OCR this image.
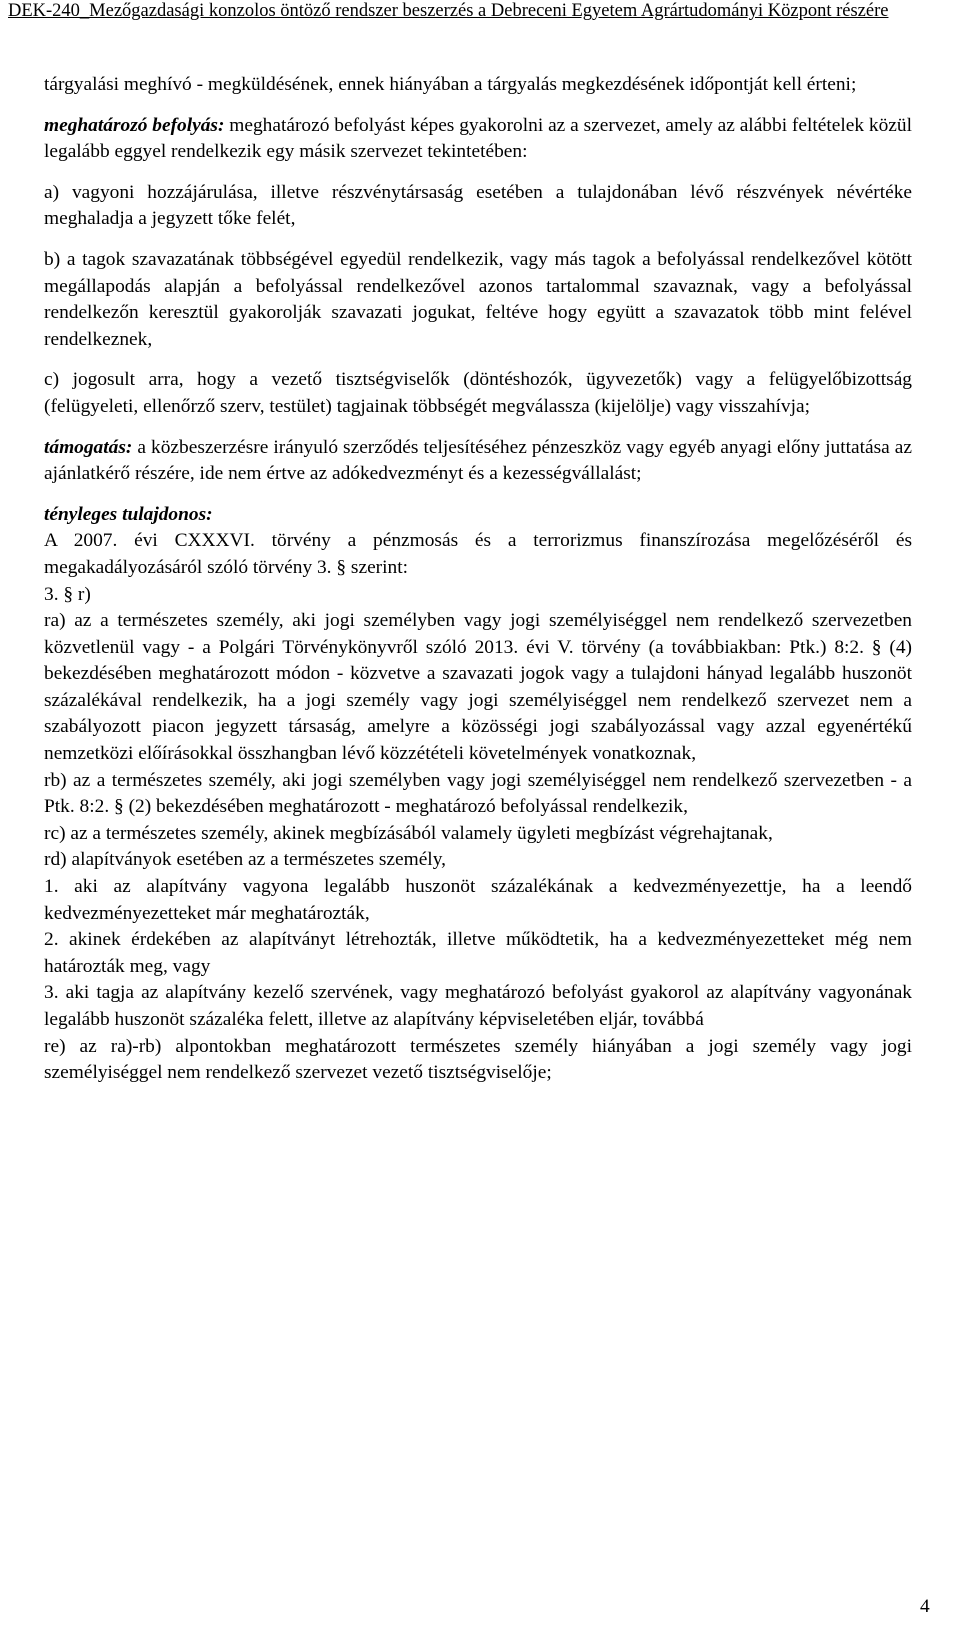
DEK-240_Mezőgazdasági konzolos öntöző rendszer beszerzés a Debreceni Egyetem Agrártudományi Központ részére

tárgyalási meghívó - megküldésének, ennek hiányában a tárgyalás megkezdésének időpontját kell érteni;

meghatározó befolyás: meghatározó befolyást képes gyakorolni az a szervezet, amely az alábbi feltételek közül legalább eggyel rendelkezik egy másik szervezet tekintetében:

a) vagyoni hozzájárulása, illetve részvénytársaság esetében a tulajdonában lévő részvények névértéke meghaladja a jegyzett tőke felét,

b) a tagok szavazatának többségével egyedül rendelkezik, vagy más tagok a befolyással rendelkezővel kötött megállapodás alapján a befolyással rendelkezővel azonos tartalommal szavaznak, vagy a befolyással rendelkezőn keresztül gyakorolják szavazati jogukat, feltéve hogy együtt a szavazatok több mint felével rendelkeznek,

c) jogosult arra, hogy a vezető tisztségviselők (döntéshozók, ügyvezetők) vagy a felügyelőbizottság (felügyeleti, ellenőrző szerv, testület) tagjainak többségét megválassza (kijelölje) vagy visszahívja;

támogatás: a közbeszerzésre irányuló szerződés teljesítéséhez pénzeszköz vagy egyéb anyagi előny juttatása az ajánlatkérő részére, ide nem értve az adókedvezményt és a kezességvállalást;

tényleges tulajdonos:

A 2007. évi CXXXVI. törvény a pénzmosás és a terrorizmus finanszírozása megelőzéséről és megakadályozásáról szóló törvény 3. § szerint:

3. § r)

ra) az a természetes személy, aki jogi személyben vagy jogi személyiséggel nem rendelkező szervezetben közvetlenül vagy - a Polgári Törvénykönyvről szóló 2013. évi V. törvény (a továbbiakban: Ptk.) 8:2. § (4) bekezdésében meghatározott módon - közvetve a szavazati jogok vagy a tulajdoni hányad legalább huszonöt százalékával rendelkezik, ha a jogi személy vagy jogi személyiséggel nem rendelkező szervezet nem a szabályozott piacon jegyzett társaság, amelyre a közösségi jogi szabályozással vagy azzal egyenértékű nemzetközi előírásokkal összhangban lévő közzétételi követelmények vonatkoznak,

rb) az a természetes személy, aki jogi személyben vagy jogi személyiséggel nem rendelkező szervezetben - a Ptk. 8:2. § (2) bekezdésében meghatározott - meghatározó befolyással rendelkezik,

rc) az a természetes személy, akinek megbízásából valamely ügyleti megbízást végrehajtanak,

rd) alapítványok esetében az a természetes személy,

1. aki az alapítvány vagyona legalább huszonöt százalékának a kedvezményezettje, ha a leendő kedvezményezetteket már meghatározták,

2. akinek érdekében az alapítványt létrehozták, illetve működtetik, ha a kedvezményezetteket még nem határozták meg, vagy

3. aki tagja az alapítvány kezelő szervének, vagy meghatározó befolyást gyakorol az alapítvány vagyonának legalább huszonöt százaléka felett, illetve az alapítvány képviseletében eljár, továbbá

re) az ra)-rb) alpontokban meghatározott természetes személy hiányában a jogi személy vagy jogi személyiséggel nem rendelkező szervezet vezető tisztségviselője;

4
